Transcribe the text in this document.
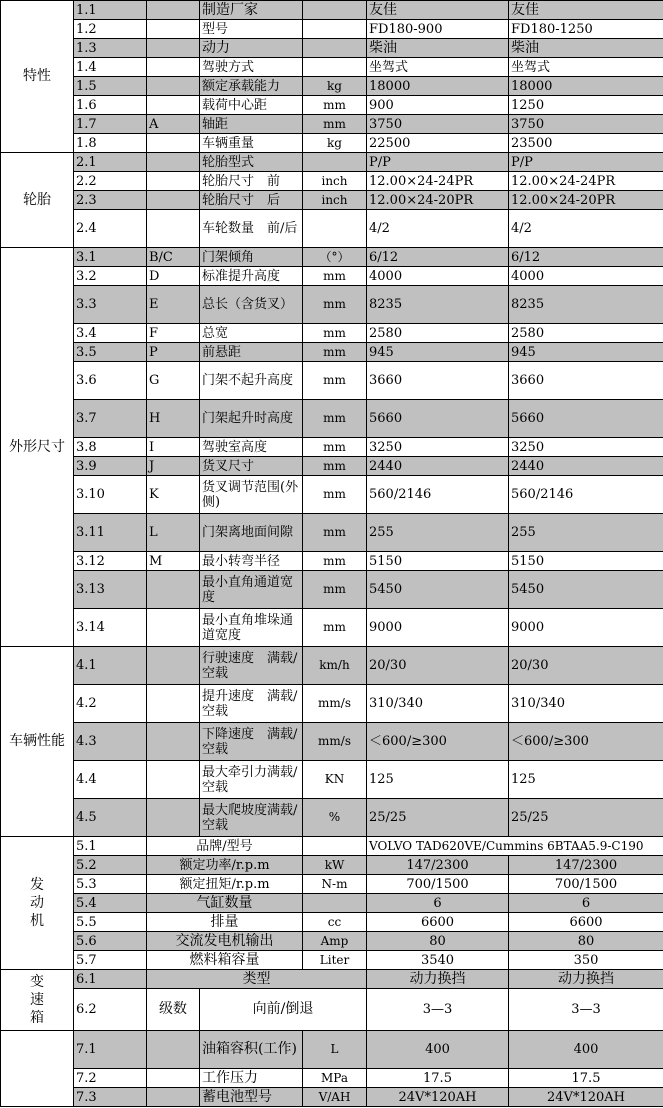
特性	1.1		制造厂家		友佳	友佳
	1.2		型号		FD180-900	FD180-1250
	1.3		动力		柴油	柴油
	1.4		驾驶方式		坐驾式	坐驾式
	1.5		额定承载能力	kg	18000	18000
	1.6		载荷中心距	mm	900	1250
	1.7	A	轴距	mm	3750	3750
	1.8		车辆重量	kg	22500	23500
轮胎	2.1		轮胎型式		P/P	P/P
	2.2		轮胎尺寸　前	inch	12.00×24-24PR	12.00×24-24PR
	2.3		轮胎尺寸　后	inch	12.00×24-20PR	12.00×24-20PR
	2.4		车轮数量　前/后		4/2	4/2
外形尺寸	3.1	B/C	门架倾角	（°）	6/12	6/12
	3.2	D	标准提升高度	mm	4000	4000
	3.3	E	总长（含货叉）	mm	8235	8235
	3.4	F	总宽	mm	2580	2580
	3.5	P	前悬距	mm	945	945
	3.6	G	门架不起升高度	mm	3660	3660
	3.7	H	门架起升时高度	mm	5660	5660
	3.8	I	驾驶室高度	mm	3250	3250
	3.9	J	货叉尺寸	mm	2440	2440
	3.10	K	货叉调节范围(外侧)	mm	560/2146	560/2146
	3.11	L	门架离地面间隙	mm	255	255
	3.12	M	最小转弯半径	mm	5150	5150
	3.13		最小直角通道宽度	mm	5450	5450
	3.14		最小直角堆垛通道宽度	mm	9000	9000
车辆性能	4.1		行驶速度　满载/空载	km/h	20/30	20/30
	4.2		提升速度　满载/空载	mm/s	310/340	310/340
	4.3		下降速度　满载/空载	mm/s	＜600/≥300	＜600/≥300
	4.4		最大牵引力满载/空载	KN	125	125
	4.5		最大爬坡度满载/空载	%	25/25	25/25
发动机	5.1	品牌/型号			VOLVO TAD620VE/Cummins 6BTAA5.9-C190	
	5.2	额定功率/r.p.m		kW	147/2300	147/2300
	5.3	额定扭矩/r.p.m		N-m	700/1500	700/1500
	5.4	气缸数量			6	6
	5.5	排量		cc	6600	6600
	5.6	交流发电机输出		Amp	80	80
	5.7	燃料箱容量		Liter	3540	350
变速箱	6.1	类型			动力换挡	动力换挡
	6.2	级数	向前/倒退		3—3	3—3
	7.1		油箱容积(工作)	L	400	400
	7.2		工作压力	MPa	17.5	17.5
	7.3		蓄电池型号	V/AH	24V*120AH	24V*120AH
